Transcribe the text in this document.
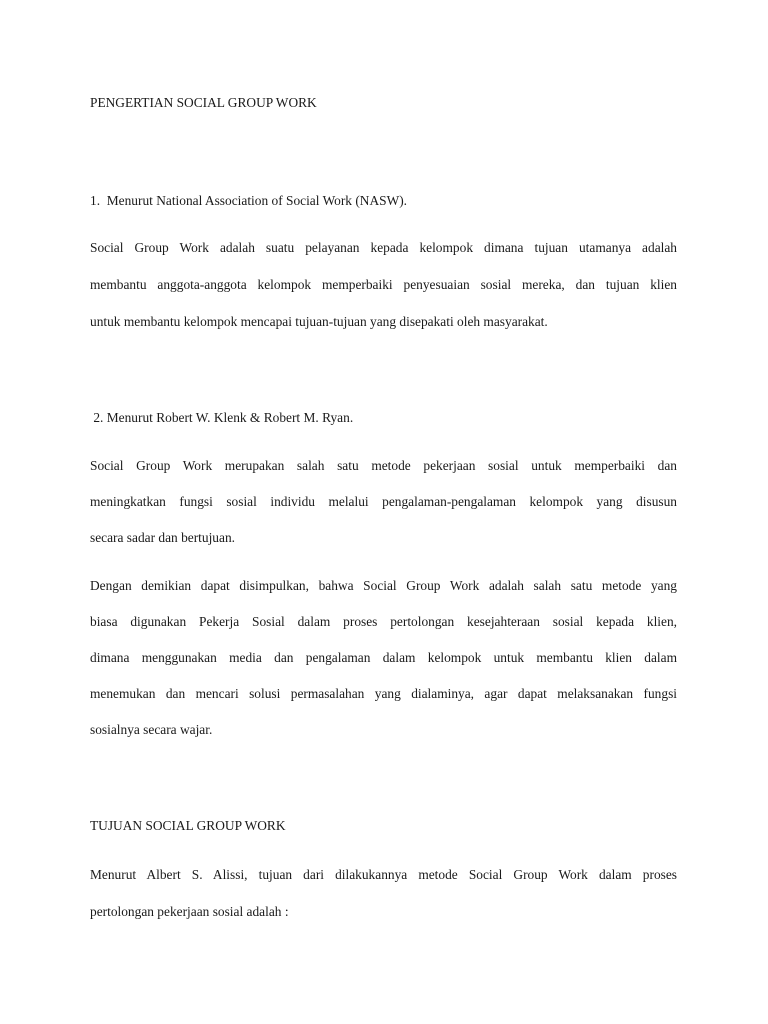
PENGERTIAN SOCIAL GROUP WORK
1.  Menurut National Association of Social Work (NASW).
Social Group Work adalah suatu pelayanan kepada kelompok dimana tujuan utamanya adalah
membantu anggota-anggota kelompok memperbaiki penyesuaian sosial mereka, dan tujuan klien
untuk membantu kelompok mencapai tujuan-tujuan yang disepakati oleh masyarakat.
2. Menurut Robert W. Klenk & Robert M. Ryan.
Social Group Work merupakan salah satu metode pekerjaan sosial untuk memperbaiki dan
meningkatkan fungsi sosial individu melalui pengalaman-pengalaman kelompok yang disusun
secara sadar dan bertujuan.
Dengan demikian dapat disimpulkan, bahwa Social Group Work adalah salah satu metode yang
biasa digunakan Pekerja Sosial dalam proses pertolongan kesejahteraan sosial kepada klien,
dimana menggunakan media dan pengalaman dalam kelompok untuk membantu klien dalam
menemukan dan mencari solusi permasalahan yang dialaminya, agar dapat melaksanakan fungsi
sosialnya secara wajar.
TUJUAN SOCIAL GROUP WORK
Menurut Albert S. Alissi, tujuan dari dilakukannya metode Social Group Work dalam proses
pertolongan pekerjaan sosial adalah :
